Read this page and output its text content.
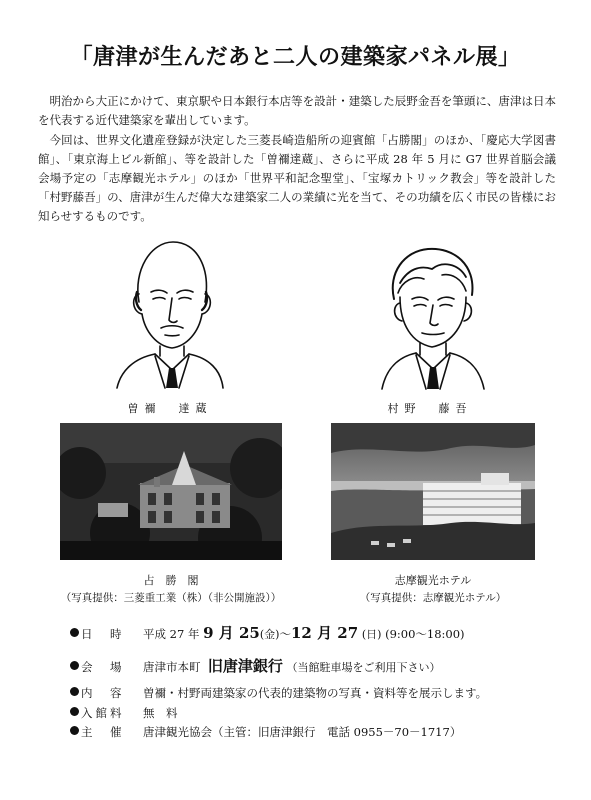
「唐津が生んだあと二人の建築家パネル展」
明治から大正にかけて、東京駅や日本銀行本店等を設計・建築した辰野金吾を筆頭に、唐津は日本を代表する近代建築家を輩出しています。
今回は、世界文化遺産登録が決定した三菱長崎造船所の迎賓館「占勝閣」のほか、「慶応大学図書館」、「東京海上ビル新館」、等を設計した「曽禰達蔵」、さらに平成 28 年 5 月に G7 世界首脳会議会場予定の「志摩観光ホテル」のほか「世界平和記念聖堂」、「宝塚カトリック教会」等を設計した「村野藤吾」の、唐津が生んだ偉大な建築家二人の業績に光を当て、その功績を広く市民の皆様にお知らせするものです。
曽禰　達蔵	村野　藤吾
占　勝　閣
（写真提供：三菱重工業（株）（非公開施設））
志摩観光ホテル
（写真提供：志摩観光ホテル）
日　時	平成 27 年
9 月 25 (金) ～ 12 月 27
(日)
(9:00～18:00)
会　場	唐津市本町
旧唐津銀行
（当館駐車場をご利用下さい）
内　容	曽禰・村野両建築家の代表的建築物の写真・資料等を展示します。
入館料	無　料
主　催	唐津観光協会（主管：旧唐津銀行　電話 0955－70－1717）
